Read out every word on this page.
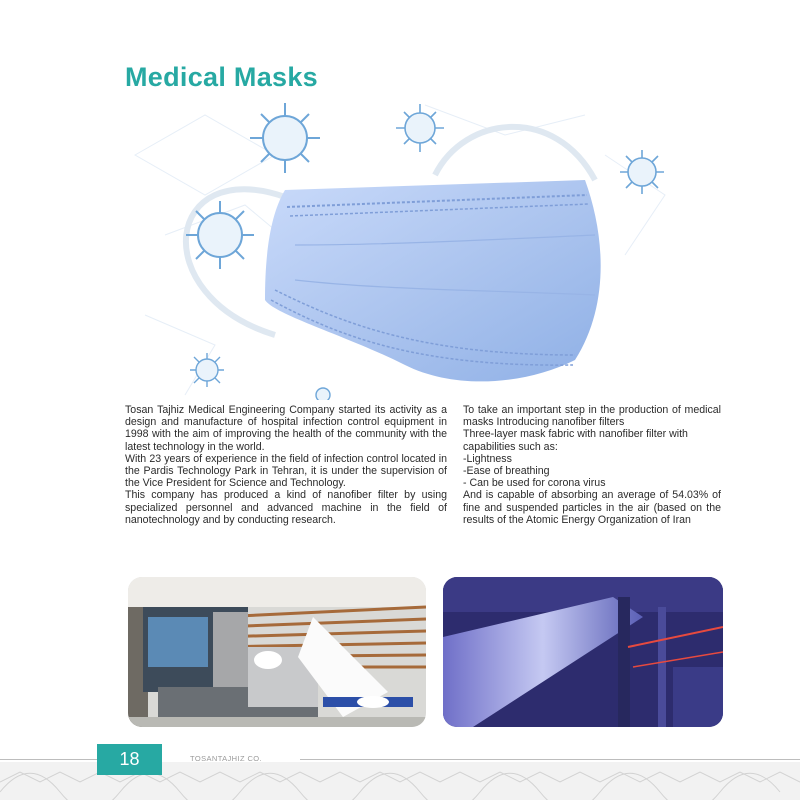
Medical Masks

Tosan Tajhiz Medical Engineering Company started its activity as a design and manufacture of hospital infection control equipment in 1998 with the aim of improving the health of the community with the latest technology in the world.

With 23 years of experience in the field of infection control located in the Pardis Technology Park in Tehran, it is under the supervision of the Vice President for Science and Technology.

This company has produced a kind of nanofiber filter by using specialized personnel and advanced machine in the field of nanotechnology and by conducting research.

To take an important step in the production of medical masks Introducing nanofiber filters

Three-layer mask fabric with nanofiber filter with capabilities such as:
-Lightness
-Ease of breathing
- Can be used for corona virus

And is capable of absorbing an average of 54.03% of fine and suspended particles in the air (based on the results of the Atomic Energy Organization of Iran

18	TOSANTAJHIZ CO.
